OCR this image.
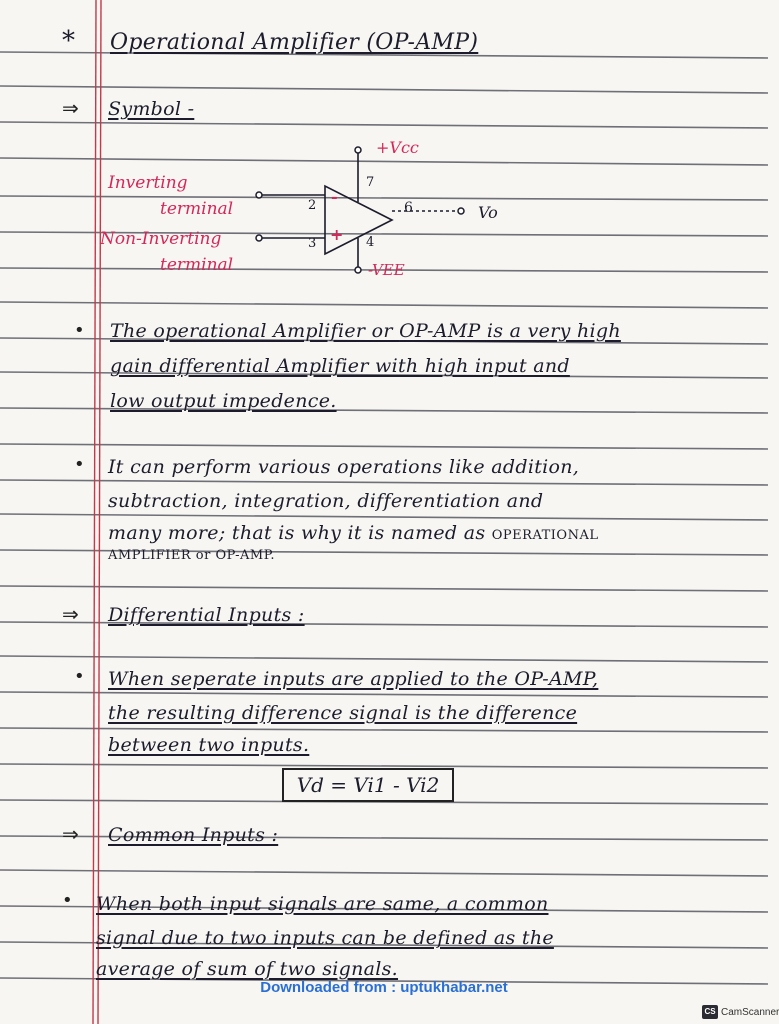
* Operational Amplifier (OP-AMP)
⇒ Symbol -
+Vcc
-VEE
Vo
7
2
3
6
4
-
+
Inverting
terminal
Non-Inverting
terminal
• The operational Amplifier or OP-AMP is a very high
gain differential Amplifier with high input and
low output impedence.
• It can perform various operations like addition,
subtraction, integration, differentiation and
many more; that is why it is named as OPERATIONAL
AMPLIFIER or OP-AMP.
⇒ Differential Inputs :
• When seperate inputs are applied to the OP-AMP,
the resulting difference signal is the difference
between two inputs.
Vd = Vi1 - Vi2
⇒ Common Inputs :
• When both input signals are same, a common
signal due to two inputs can be defined as the
average of sum of two signals.
Downloaded from : uptukhabar.net
CS CamScanner
